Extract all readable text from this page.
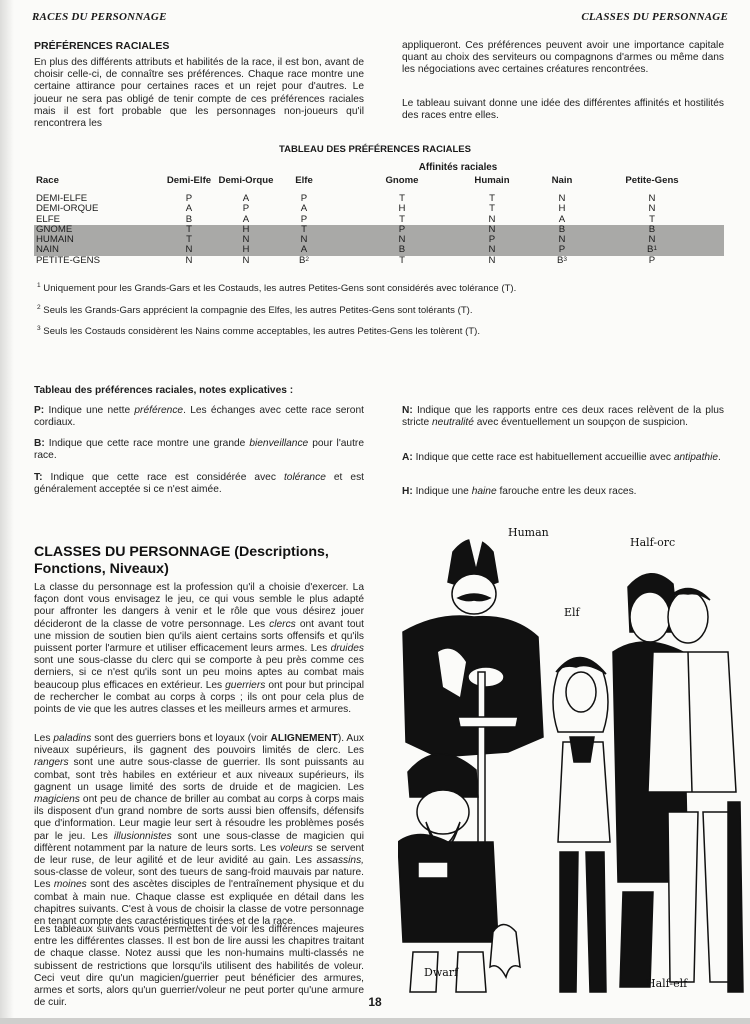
RACES DU PERSONNAGE	CLASSES DU PERSONNAGE
PRÉFÉRENCES RACIALES
En plus des différents attributs et habilités de la race, il est bon, avant de choisir celle-ci, de connaître ses préférences. Chaque race montre une certaine attirance pour certaines races et un rejet pour d'autres. Le joueur ne sera pas obligé de tenir compte de ces préférences raciales mais il est fort probable que les personnages non-joueurs qu'il rencontrera les
appliqueront. Ces préférences peuvent avoir une importance capitale quant au choix des serviteurs ou compagnons d'armes ou même dans les négociations avec certaines créatures rencontrées.
Le tableau suivant donne une idée des différentes affinités et hostilités des races entre elles.
TABLEAU DES PRÉFÉRENCES RACIALES
Affinités raciales
Race	Demi-Elfe Demi-Orque	Elfe	Gnome	Humain	Nain	Petite-Gens
DEMI-ELFE	P	A	P	T	T	N	N
DEMI-ORQUE	A	P	A	H	T	H	N
ELFE	B	A	P	T	N	A	T
GNOME	T	H	T	P	N	B	B
HUMAIN	T	N	N	N	P	N	N
NAIN	N	H	A	B	N	P	$B^1$
PETITE-GENS	N	N	$B^2$	T	N	$B^3$	P
$^1$ Uniquement pour les Grands-Gars et les Costauds, les autres Petites-Gens sont considérés avec tolérance (T).
$^2$ Seuls les Grands-Gars apprécient la compagnie des Elfes, les autres Petites-Gens sont tolérants (T).
$^3$ Seuls les Costauds considèrent les Nains comme acceptables, les autres Petites-Gens les tolèrent (T).
Tableau des préférences raciales, notes explicatives :
P: Indique une nette préférence. Les échanges avec cette race seront cordiaux.
B: Indique que cette race montre une grande bienveillance pour l'autre race.
T: Indique que cette race est considérée avec tolérance et est généralement acceptée si ce n'est aimée.
N: Indique que les rapports entre ces deux races relèvent de la plus stricte neutralité avec éventuellement un soupçon de suspicion.
A: Indique que cette race est habituellement accueillie avec antipathie.
H: Indique une haine farouche entre les deux races.
CLASSES DU PERSONNAGE (Descriptions, Fonctions, Niveaux)
La classe du personnage est la profession qu'il a choisie d'exercer. La façon dont vous envisagez le jeu, ce qui vous semble le plus adapté pour affronter les dangers à venir et le rôle que vous désirez jouer décideront de la classe de votre personnage. Les clercs ont avant tout une mission de soutien bien qu'ils aient certains sorts offensifs et qu'ils puissent porter l'armure et utiliser efficacement leurs armes. Les druides sont une sous-classe du clerc qui se comporte à peu près comme ces derniers, si ce n'est qu'ils sont un peu moins aptes au combat mais beaucoup plus efficaces en extérieur. Les guerriers ont pour but principal de rechercher le combat au corps à corps ; ils ont pour cela plus de points de vie que les autres classes et les meilleurs armes et armures.
Les paladins sont des guerriers bons et loyaux (voir ALIGNEMENT). Aux niveaux supérieurs, ils gagnent des pouvoirs limités de clerc. Les rangers sont une autre sous-classe de guerrier. Ils sont puissants au combat, sont très habiles en extérieur et aux niveaux supérieurs, ils gagnent un usage limité des sorts de druide et de magicien. Les magiciens ont peu de chance de briller au combat au corps à corps mais ils disposent d'un grand nombre de sorts aussi bien offensifs, défensifs que d'information. Leur magie leur sert à résoudre les problèmes posés par le jeu. Les illusionnistes sont une sous-classe de magicien qui diffèrent notamment par la nature de leurs sorts. Les voleurs se servent de leur ruse, de leur agilité et de leur avidité au gain. Les assassins, sous-classe de voleur, sont des tueurs de sang-froid mauvais par nature. Les moines sont des ascètes disciples de l'entraînement physique et du combat à main nue. Chaque classe est expliquée en détail dans les chapitres suivants. C'est à vous de choisir la classe de votre personnage en tenant compte des caractéristiques tirées et de la race.
Les tableaux suivants vous permettent de voir les différences majeures entre les différentes classes. Il est bon de lire aussi les chapitres traitant de chaque classe. Notez aussi que les non-humains multi-classés ne subissent de restrictions que lorsqu'ils utilisent des habilités de voleur. Ceci veut dire qu'un magicien/guerrier peut bénéficier des armures, armes et sorts, alors qu'un guerrier/voleur ne peut porter qu'une armure de cuir.
Human
Half-orc
Elf
Dwarf
Half-elf
18
